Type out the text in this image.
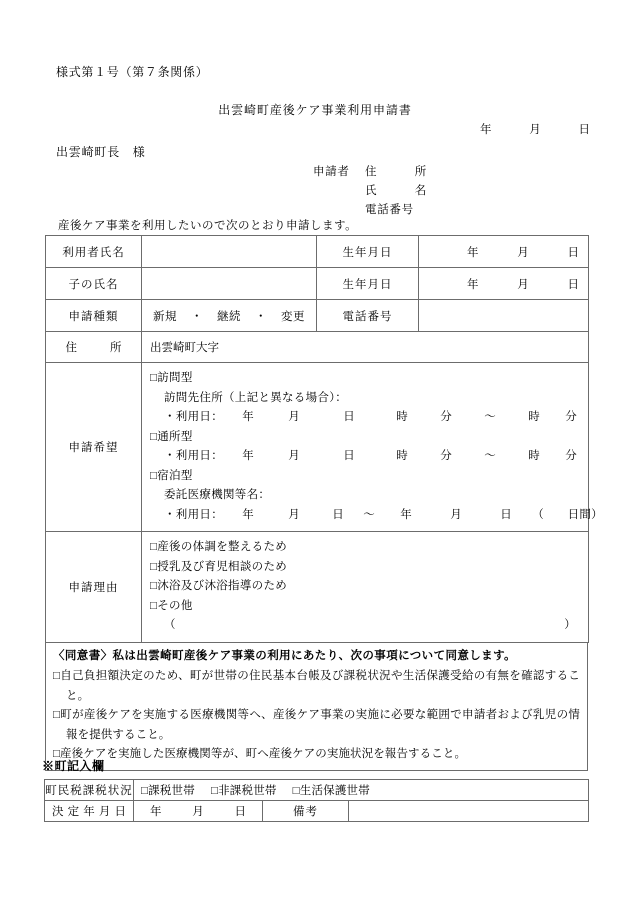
様式第１号（第７条関係）
出雲崎町産後ケア事業利用申請書
年	月	日
出雲崎町長　様
申請者	住	所
氏	名
電話番号
産後ケア事業を利用したいので次のとおり申請します。
利用者氏名		生年月日	年 月 日

子の氏名		生年月日	年 月 日

申請種類	新規 ・ 継続 ・ 変更	電話番号	

住 所	出雲崎町大字		
申請希望	
□訪問型
訪問先住所（上記と異なる場合）：
・利用日：	年	月	日	時	分	〜	時	分
□通所型
・利用日：	年	月	日	時	分	〜	時	分
□宿泊型
委託医療機関等名：
・利用日：	年	月	日	〜	年	月	日	（　　日間）

申請理由	
□産後の体調を整えるため
□授乳及び育児相談のため
□沐浴及び沐浴指導のため
□その他
（	）
〈同意書〉私は出雲崎町産後ケア事業の利用にあたり、次の事項について同意します。
□自己負担額決定のため、町が世帯の住民基本台帳及び課税状況や生活保護受給の有無を確認すること。
□町が産後ケアを実施する医療機関等へ、産後ケア事業の実施に必要な範囲で申請者および乳児の情報を提供すること。
□産後ケアを実施した医療機関等が、町へ産後ケアの実施状況を報告すること。
※町記入欄
町民税課税状況	□課税世帯 □非課税世帯 □生活保護世帯		

決 定 年 月 日	年 月 日	備考	
